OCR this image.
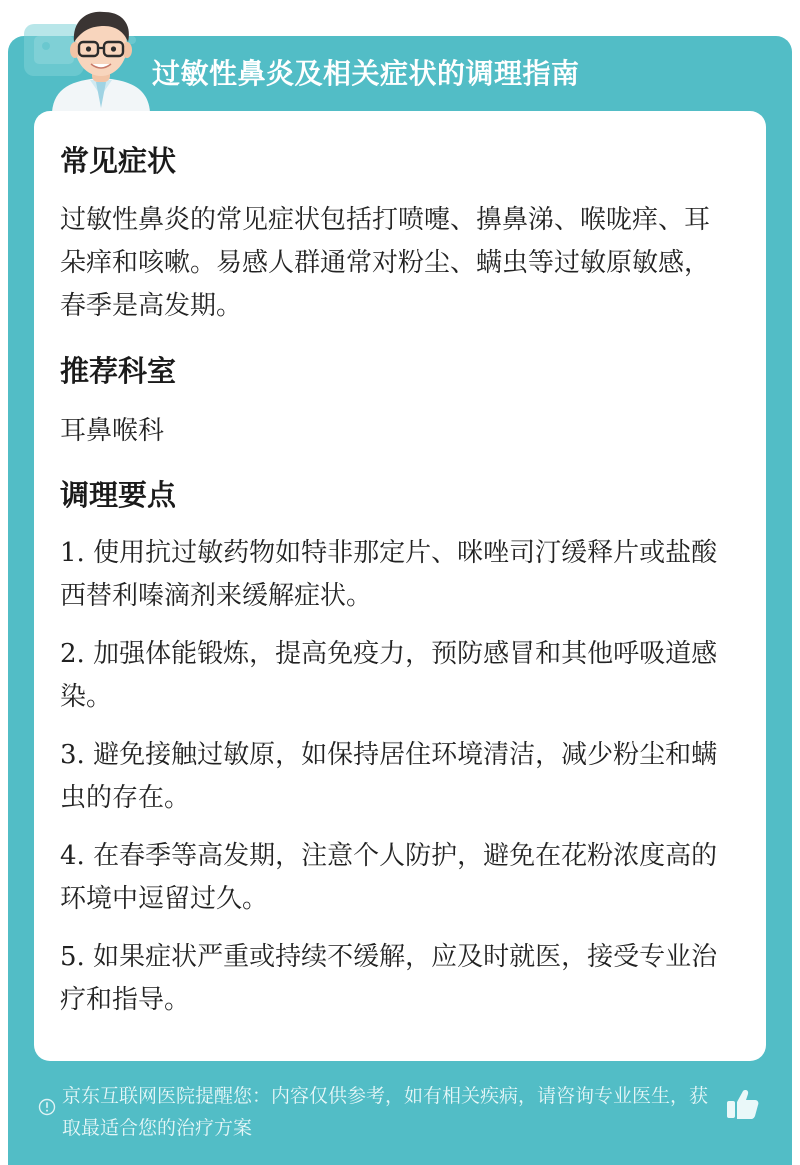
过敏性鼻炎及相关症状的调理指南
常见症状
过敏性鼻炎的常见症状包括打喷嚏、擤鼻涕、喉咙痒、耳朵痒和咳嗽。易感人群通常对粉尘、螨虫等过敏原敏感，春季是高发期。
推荐科室
耳鼻喉科
调理要点
1. 使用抗过敏药物如特非那定片、咪唑司汀缓释片或盐酸西替利嗪滴剂来缓解症状。
2. 加强体能锻炼，提高免疫力，预防感冒和其他呼吸道感染。
3. 避免接触过敏原，如保持居住环境清洁，减少粉尘和螨虫的存在。
4. 在春季等高发期，注意个人防护，避免在花粉浓度高的环境中逗留过久。
5. 如果症状严重或持续不缓解，应及时就医，接受专业治疗和指导。
京东互联网医院提醒您：内容仅供参考，如有相关疾病，请咨询专业医生，获取最适合您的治疗方案
